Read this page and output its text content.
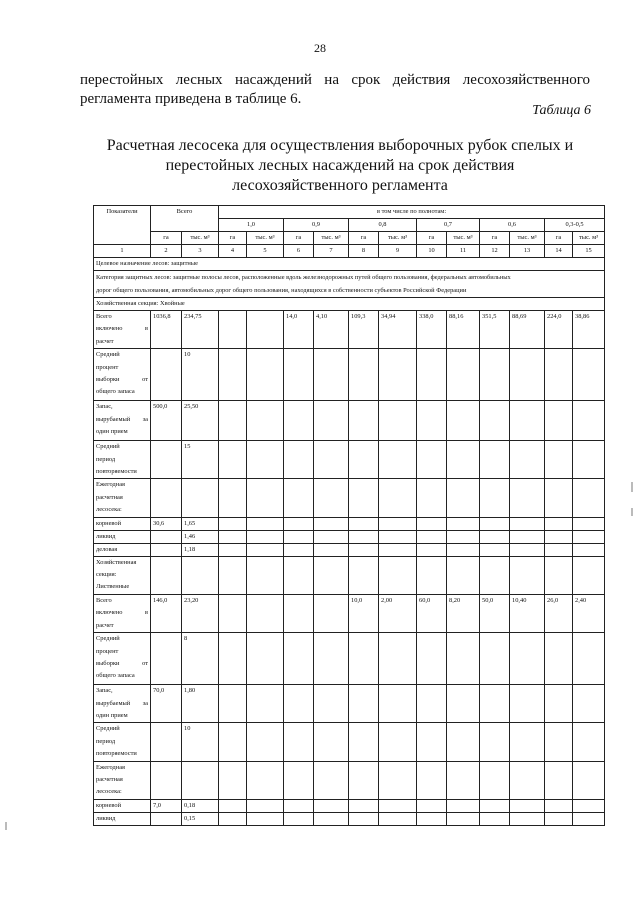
28
перестойных лесных насаждений на срок действия лесохозяйственного
регламента приведена в таблице 6.
Таблица 6
Расчетная лесосека для осуществления выборочных рубок спелых и
перестойных лесных насаждений на срок действия
лесохозяйственного регламента
Показатели	Всего		в том числе по полнотам:											
			1,0		0,9		0,8		0,7		0,6		0,3-0,5	
	га	тыс. м³	га	тыс. м³	га	тыс. м³	га	тыс. м³	га	тыс. м³	га	тыс. м³	га	тыс. м³
1	2	3	4	5	6	7	8	9	10	11	12	13	14	15
Целевое назначение лесов: защитные														

Категория защитных лесов: защитные полосы лесов, расположенные вдоль железнодорожных путей общего пользования, федеральных автомобильных
дорог общего пользования, автомобильных дорог общего пользования, находящихся в собственности субъектов Российской Федерации														

Хозяйственная секция: Хвойные														

Всего
включено в
расчет	1036,8	234,75			14,0	4,10	109,3	34,94	338,0	88,16	351,5	88,69	224,0	38,86

Средний
процент
выборки от
общего запаса		10												

Запас,
вырубаемый за
один прием	500,0	25,50												

Средний
период
повторяемости		15												

Ежегодная
расчетная
лесосека:														

корневой	30,6	1,65												
ликвид		1,46												
деловая		1,18												

Хозяйственная
секция:
Лиственные														

Всего
включено в
расчет	146,0	23,20					10,0	2,00	60,0	8,20	50,0	10,40	26,0	2,40

Средний
процент
выборки от
общего запаса		8												

Запас,
вырубаемый за
один прием	70,0	1,80												

Средний
период
повторяемости		10												

Ежегодная
расчетная
лесосека:														

корневой	7,0	0,18												
ликвид		0,15												
